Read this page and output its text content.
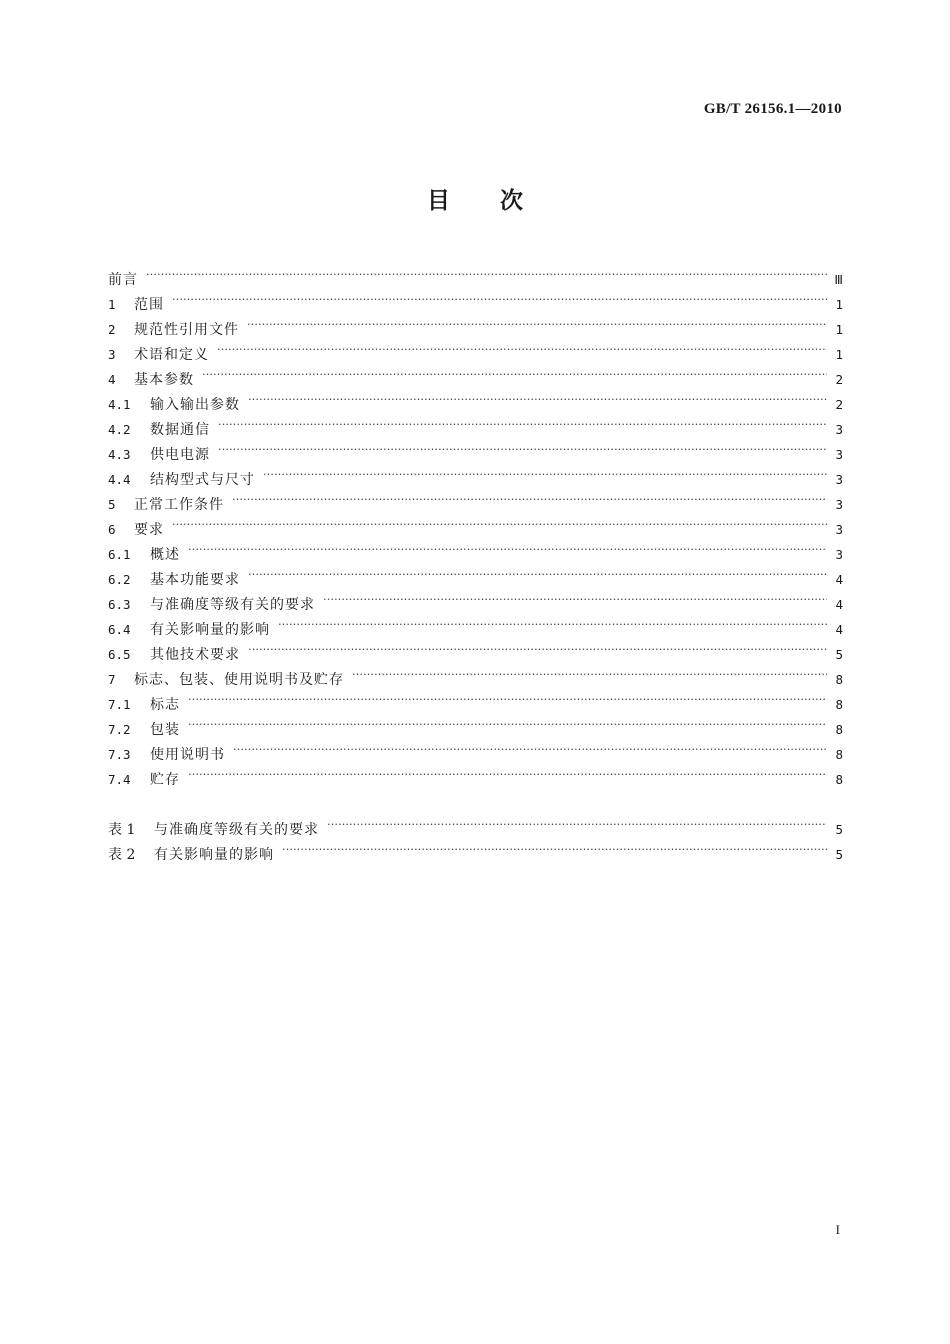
GB/T 26156.1—2010
目次
前言 ……………………………………………………………………………………………………………………………………………………………………………………………………………………	Ⅲ
1	范围 ……………………………………………………………………………………………………………………………………………………………………………………………………………………	1
2	规范性引用文件 ……………………………………………………………………………………………………………………………………………………………………………………………………………………	1
3	术语和定义 ……………………………………………………………………………………………………………………………………………………………………………………………………………………	1
4	基本参数 ……………………………………………………………………………………………………………………………………………………………………………………………………………………	2
4.1	输入输出参数 ……………………………………………………………………………………………………………………………………………………………………………………………………………………	2
4.2	数据通信 ……………………………………………………………………………………………………………………………………………………………………………………………………………………	3
4.3	供电电源 ……………………………………………………………………………………………………………………………………………………………………………………………………………………	3
4.4	结构型式与尺寸 ……………………………………………………………………………………………………………………………………………………………………………………………………………………	3
5	正常工作条件 ……………………………………………………………………………………………………………………………………………………………………………………………………………………	3
6	要求 ……………………………………………………………………………………………………………………………………………………………………………………………………………………	3
6.1	概述 ……………………………………………………………………………………………………………………………………………………………………………………………………………………	3
6.2	基本功能要求 ……………………………………………………………………………………………………………………………………………………………………………………………………………………	4
6.3	与准确度等级有关的要求 ……………………………………………………………………………………………………………………………………………………………………………………………………………………	4
6.4	有关影响量的影响 ……………………………………………………………………………………………………………………………………………………………………………………………………………………	4
6.5	其他技术要求 ……………………………………………………………………………………………………………………………………………………………………………………………………………………	5
7	标志、包装、使用说明书及贮存 ……………………………………………………………………………………………………………………………………………………………………………………………………………………	8
7.1	标志 ……………………………………………………………………………………………………………………………………………………………………………………………………………………	8
7.2	包装 ……………………………………………………………………………………………………………………………………………………………………………………………………………………	8
7.3	使用说明书 ……………………………………………………………………………………………………………………………………………………………………………………………………………………	8
7.4	贮存 ……………………………………………………………………………………………………………………………………………………………………………………………………………………	8
表 1	与准确度等级有关的要求 ……………………………………………………………………………………………………………………………………………………………………………………………………………………	5
表 2	有关影响量的影响 ……………………………………………………………………………………………………………………………………………………………………………………………………………………	5
I
